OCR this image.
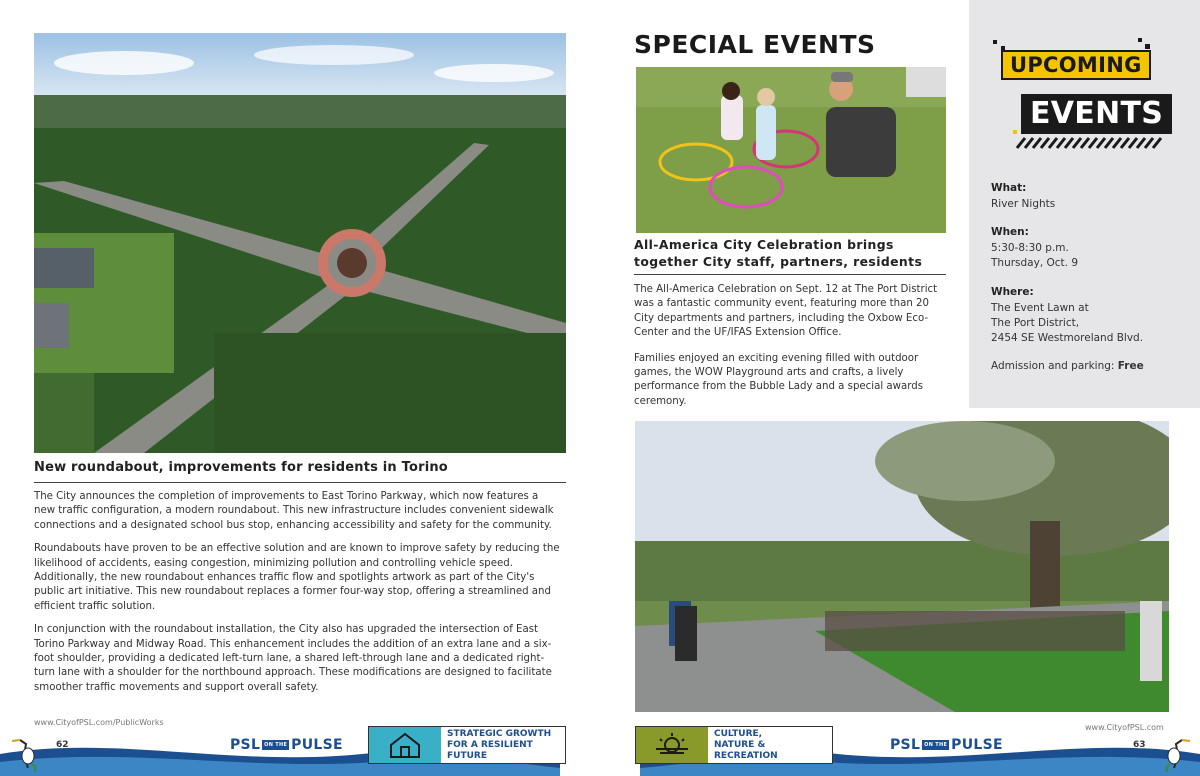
New roundabout, improvements for residents in Torino

The City announces the completion of improvements to East Torino Parkway, which now features a new traffic configuration, a modern roundabout. This new infrastructure includes convenient sidewalk connections and a designated school bus stop, enhancing accessibility and safety for the community.

Roundabouts have proven to be an effective solution and are known to improve safety by reducing the likelihood of accidents, easing congestion, minimizing pollution and controlling vehicle speed. Additionally, the new roundabout enhances traffic flow and spotlights artwork as part of the City's public art initiative. This new roundabout replaces a former four-way stop, offering a streamlined and efficient traffic solution.

In conjunction with the roundabout installation, the City also has upgraded the intersection of East Torino Parkway and Midway Road. This enhancement includes the addition of an extra lane and a six-foot shoulder, providing a dedicated left-turn lane, a shared left-through lane and a dedicated right-turn lane with a shoulder for the northbound approach. These modifications are designed to facilitate smoother traffic movements and support overall safety.

www.CityofPSL.com/PublicWorks
SPECIAL EVENTS
All-America City Celebration brings
together City staff, partners, residents

The All-America Celebration on Sept. 12 at The Port District was a fantastic community event, featuring more than 20 City departments and partners, including the Oxbow Eco-Center and the UF/IFAS Extension Office.

Families enjoyed an exciting evening filled with outdoor games, the WOW Playground arts and crafts, a lively performance from the Bubble Lady and a special awards ceremony.

www.CityofPSL.com
UPCOMING
EVENTS
What:
River Nights
When:
5:30-8:30 p.m.
Thursday, Oct. 9
Where:
The Event Lawn at
The Port District,
2454 SE Westmoreland Blvd.
Admission and parking: Free
62	63
PSL ON THE PULSE	PSL ON THE PULSE
STRATEGIC GROWTH
FOR A RESILIENT
FUTURE
CULTURE,
NATURE &
RECREATION
